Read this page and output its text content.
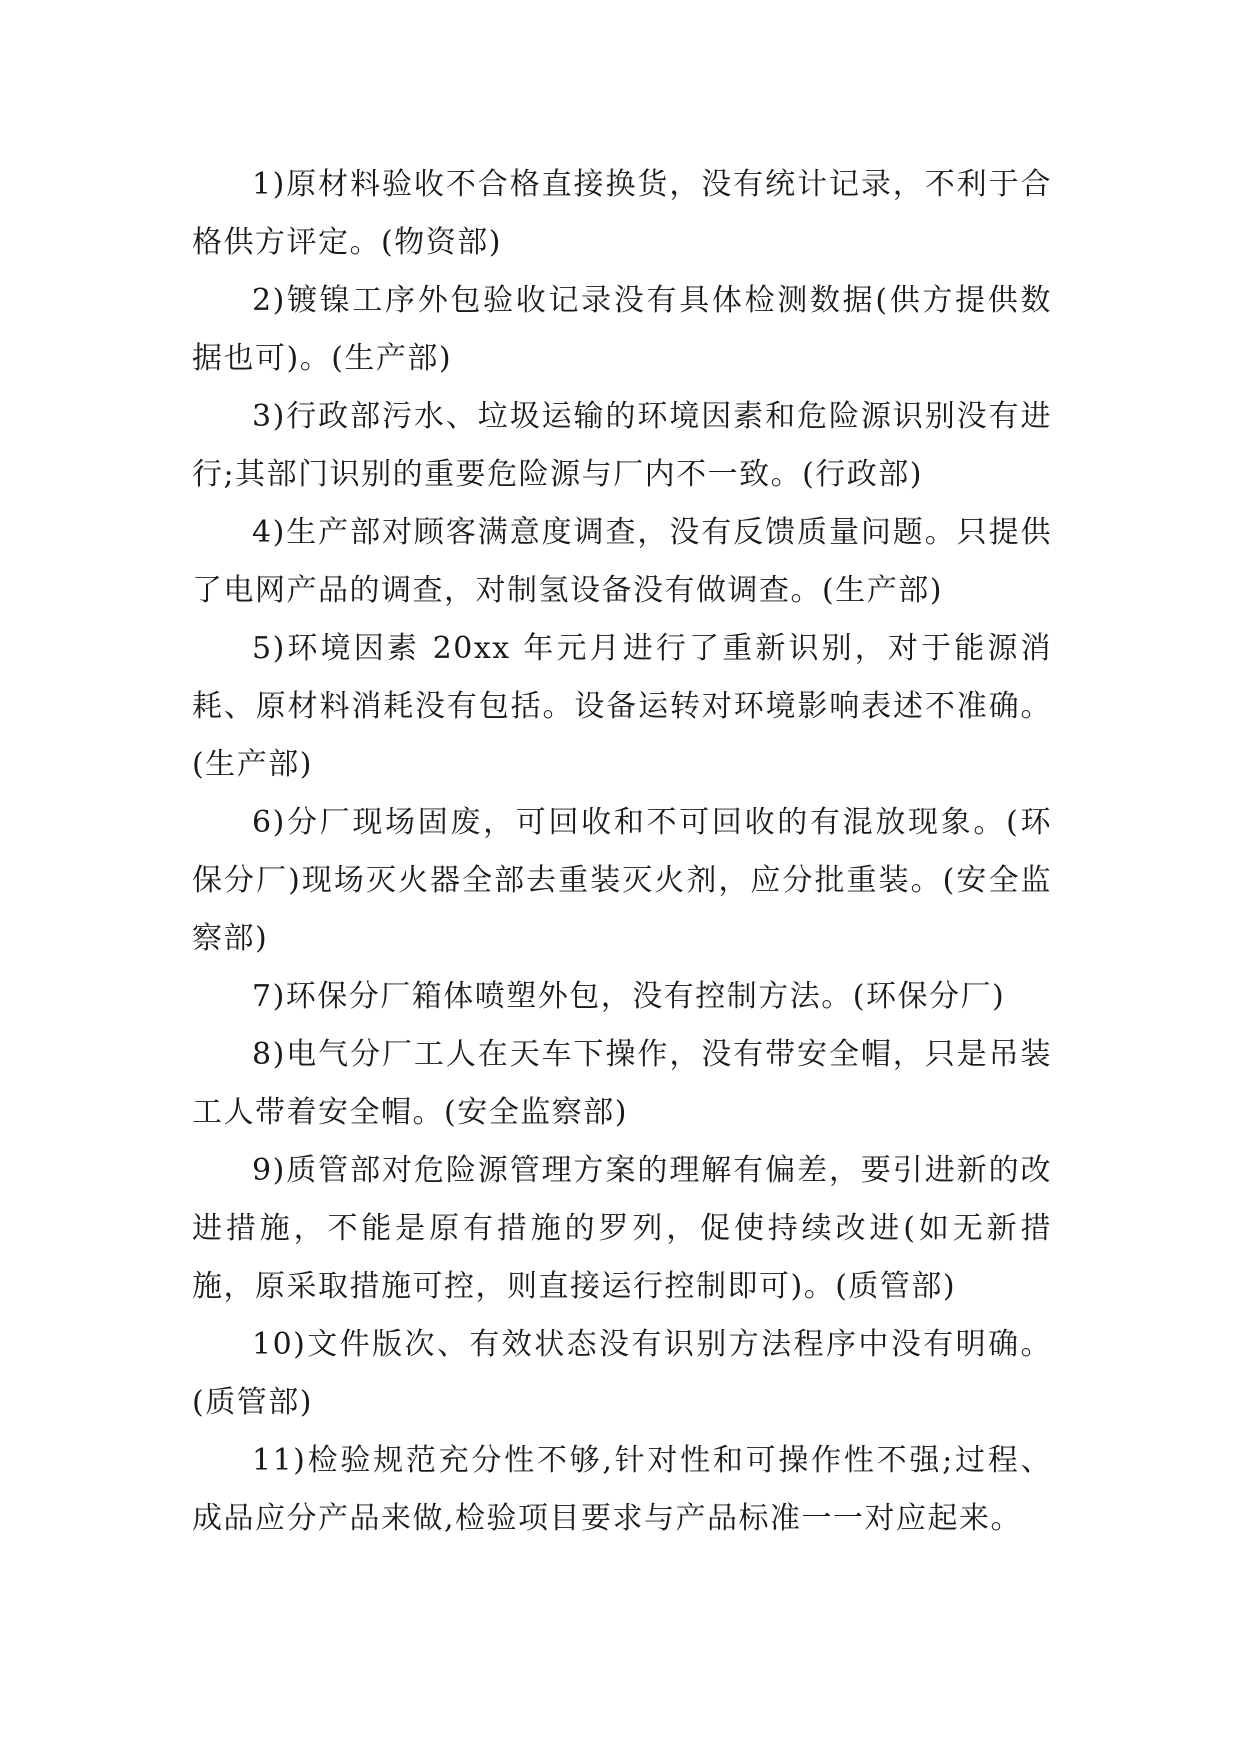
1)原材料验收不合格直接换货，没有统计记录，不利于合格供方评定。(物资部)

2)镀镍工序外包验收记录没有具体检测数据(供方提供数据也可)。(生产部)

3)行政部污水、垃圾运输的环境因素和危险源识别没有进行;其部门识别的重要危险源与厂内不一致。(行政部)

4)生产部对顾客满意度调查，没有反馈质量问题。只提供了电网产品的调查，对制氢设备没有做调查。(生产部)

5)环境因素 20xx 年元月进行了重新识别，对于能源消耗、原材料消耗没有包括。设备运转对环境影响表述不准确。(生产部)

6)分厂现场固废，可回收和不可回收的有混放现象。(环保分厂)现场灭火器全部去重装灭火剂，应分批重装。(安全监察部)

7)环保分厂箱体喷塑外包，没有控制方法。(环保分厂)

8)电气分厂工人在天车下操作，没有带安全帽，只是吊装工人带着安全帽。(安全监察部)

9)质管部对危险源管理方案的理解有偏差，要引进新的改进措施，不能是原有措施的罗列，促使持续改进(如无新措施，原采取措施可控，则直接运行控制即可)。(质管部)

10)文件版次、有效状态没有识别方法程序中没有明确。(质管部)

11)检验规范充分性不够,针对性和可操作性不强;过程、成品应分产品来做,检验项目要求与产品标准一一对应起来。
